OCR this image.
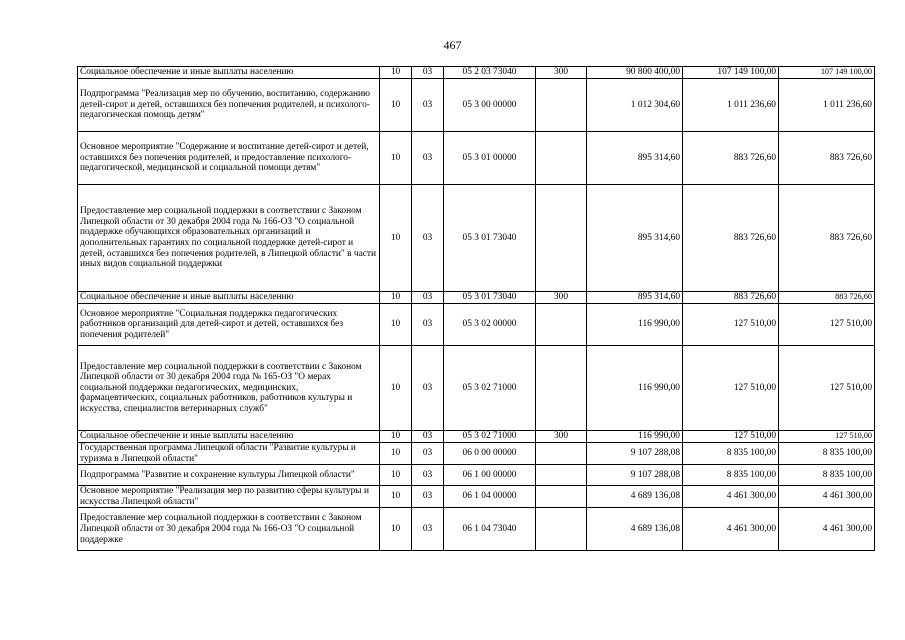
467
Социальное обеспечение и иные выплаты населению	10	03	05 2 03 73040	300	90 800 400,00	107 149 100,00	107 149 100,00
Подпрограмма "Реализация мер по обучению, воспитанию, содержанию детей-сирот и детей, оставшихся без попечения родителей, и психолого-педагогическая помощь детям"	10	03	05 3 00 00000		1 012 304,60	1 011 236,60	1 011 236,60
Основное мероприятие "Содержание и воспитание детей-сирот и детей, оставшихся без попечения родителей, и предоставление психолого-педагогической, медицинской и социальной помощи детям"	10	03	05 3 01 00000		895 314,60	883 726,60	883 726,60
Предоставление мер социальной поддержки в соответствии с Законом Липецкой области от 30 декабря 2004 года № 166-ОЗ "О социальной поддержке обучающихся образовательных организаций и дополнительных гарантиях по социальной поддержке детей-сирот и детей, оставшихся без попечения родителей, в Липецкой области" в части иных видов социальной поддержки	10	03	05 3 01 73040		895 314,60	883 726,60	883 726,60
Социальное обеспечение и иные выплаты населению	10	03	05 3 01 73040	300	895 314,60	883 726,60	883 726,60
Основное мероприятие "Социальная поддержка педагогических работников организаций для детей-сирот и детей, оставшихся без попечения родителей"	10	03	05 3 02 00000		116 990,00	127 510,00	127 510,00
Предоставление мер социальной поддержки в соответствии с Законом Липецкой области от 30 декабря 2004 года № 165-ОЗ "О мерах социальной поддержки педагогических, медицинских, фармацевтических, социальных работников, работников культуры и искусства, специалистов ветеринарных служб"	10	03	05 3 02 71000		116 990,00	127 510,00	127 510,00
Социальное обеспечение и иные выплаты населению	10	03	05 3 02 71000	300	116 990,00	127 510,00	127 510,00
Государственная программа Липецкой области "Развитие культуры и туризма в Липецкой области"	10	03	06 0 00 00000		9 107 288,08	8 835 100,00	8 835 100,00
Подпрограмма "Развитие и сохранение культуры Липецкой области"	10	03	06 1 00 00000		9 107 288,08	8 835 100,00	8 835 100,00
Основное мероприятие "Реализация мер по развитию сферы культуры и искусства Липецкой области"	10	03	06 1 04 00000		4 689 136,08	4 461 300,00	4 461 300,00
Предоставление мер социальной поддержки в соответствии с Законом Липецкой области от 30 декабря 2004 года № 166-ОЗ "О социальной поддержке	10	03	06 1 04 73040		4 689 136,08	4 461 300,00	4 461 300,00
